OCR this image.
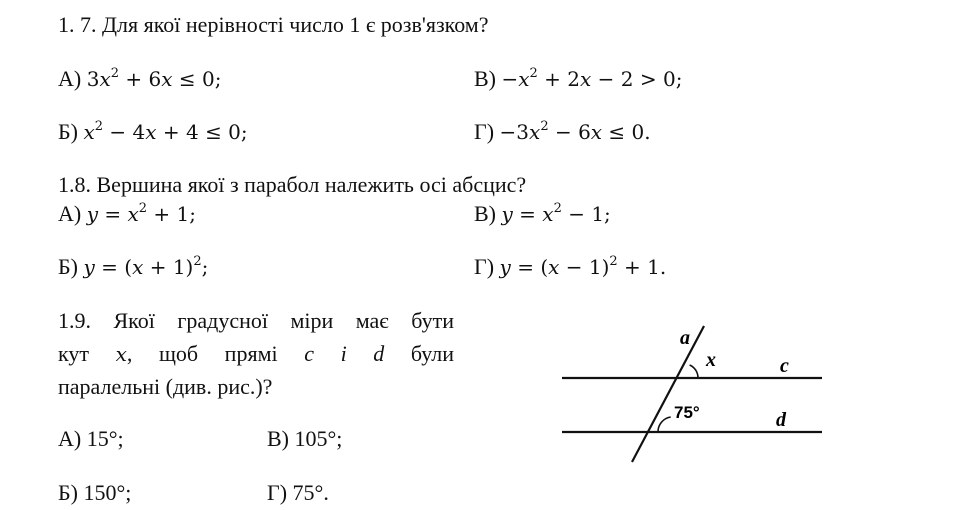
1. 7. Для якої нерівності число 1 є розв'язком?
А) $3x^2 + 6x \le 0$;	$В) -x^2 + 2x - 2 > 0$;
Б) $x^2 - 4x + 4 \le 0$;	$Г) -3x^2 - 6x \le 0$.
1.8. Вершина якої з парабол належить осі абсцис?
А) $y = x^2 + 1$;	В) $y = x^2 - 1$;
Б) $y = (x + 1)^2$;	Г) $y = (x - 1)^2 + 1$.
1.9. Якої градусної міри має бути
кут x, щоб прямі c і d були
паралельні (див. рис.)?
А) 15°;	В) 105°;
Б) 150°;	Г) 75°.
a
x	c
d
75°
